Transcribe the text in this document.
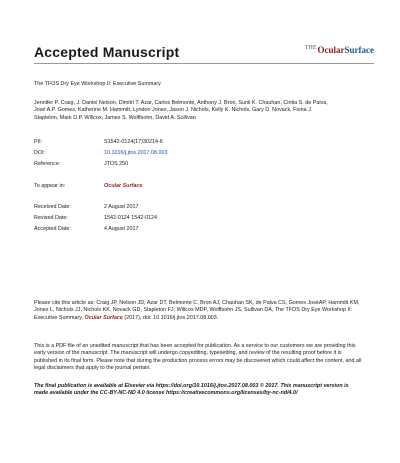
Accepted Manuscript	$^{THE}$OcularSurface
The TFOS Dry Eye Workshop II: Executive Summary
Jennifer P. Craig, J. Daniel Nelson, Dimitri T. Azar, Carlos Belmonte, Anthony J. Bron, Sunil K. Chauhan, Cintia S. de Paiva, José A.P. Gomes, Katherine M. Hammitt, Lyndon Jones, Jason J. Nichols, Kelly K. Nichols, Gary D. Novack, Fiona J. Stapleton, Mark D.P. Willcox, James S. Wolffsohn, David A. Sullivan
PII:	S1542-0124(17)30214-6
DOI:	10.1016/j.jtos.2017.08.003
Reference:	JTOS 250
To appear in:	Ocular Surface
Received Date:	2 August 2017
Revised Date:	1542-0124 1542-0124
Accepted Date:	4 August 2017
Please cite this article as: Craig JP, Nelson JD, Azar DT, Belmonte C, Bron AJ, Chauhan SK, de Paiva CS, Gomes JoséAP, Hammitt KM, Jones L, Nichols JJ, Nichols KK, Novack GD, Stapleton FJ, Willcox MDP, Wolffsohn JS, Sullivan DA, The TFOS Dry Eye Workshop II: Executive Summary, Ocular Surface (2017), doi: 10.1016/j.jtos.2017.08.003.
This is a PDF file of an unedited manuscript that has been accepted for publication. As a service to our customers we are providing this early version of the manuscript. The manuscript will undergo copyediting, typesetting, and review of the resulting proof before it is published in its final form. Please note that during the production process errors may be discovered which could affect the content, and all legal disclaimers that apply to the journal pertain.
The final publication is available at Elsevier via https://doi.org/10.1016/j.jtos.2017.08.003 © 2017. This manuscript version is made available under the CC-BY-NC-ND 4.0 license https://creativecommons.org/licenses/by-nc-nd/4.0/
